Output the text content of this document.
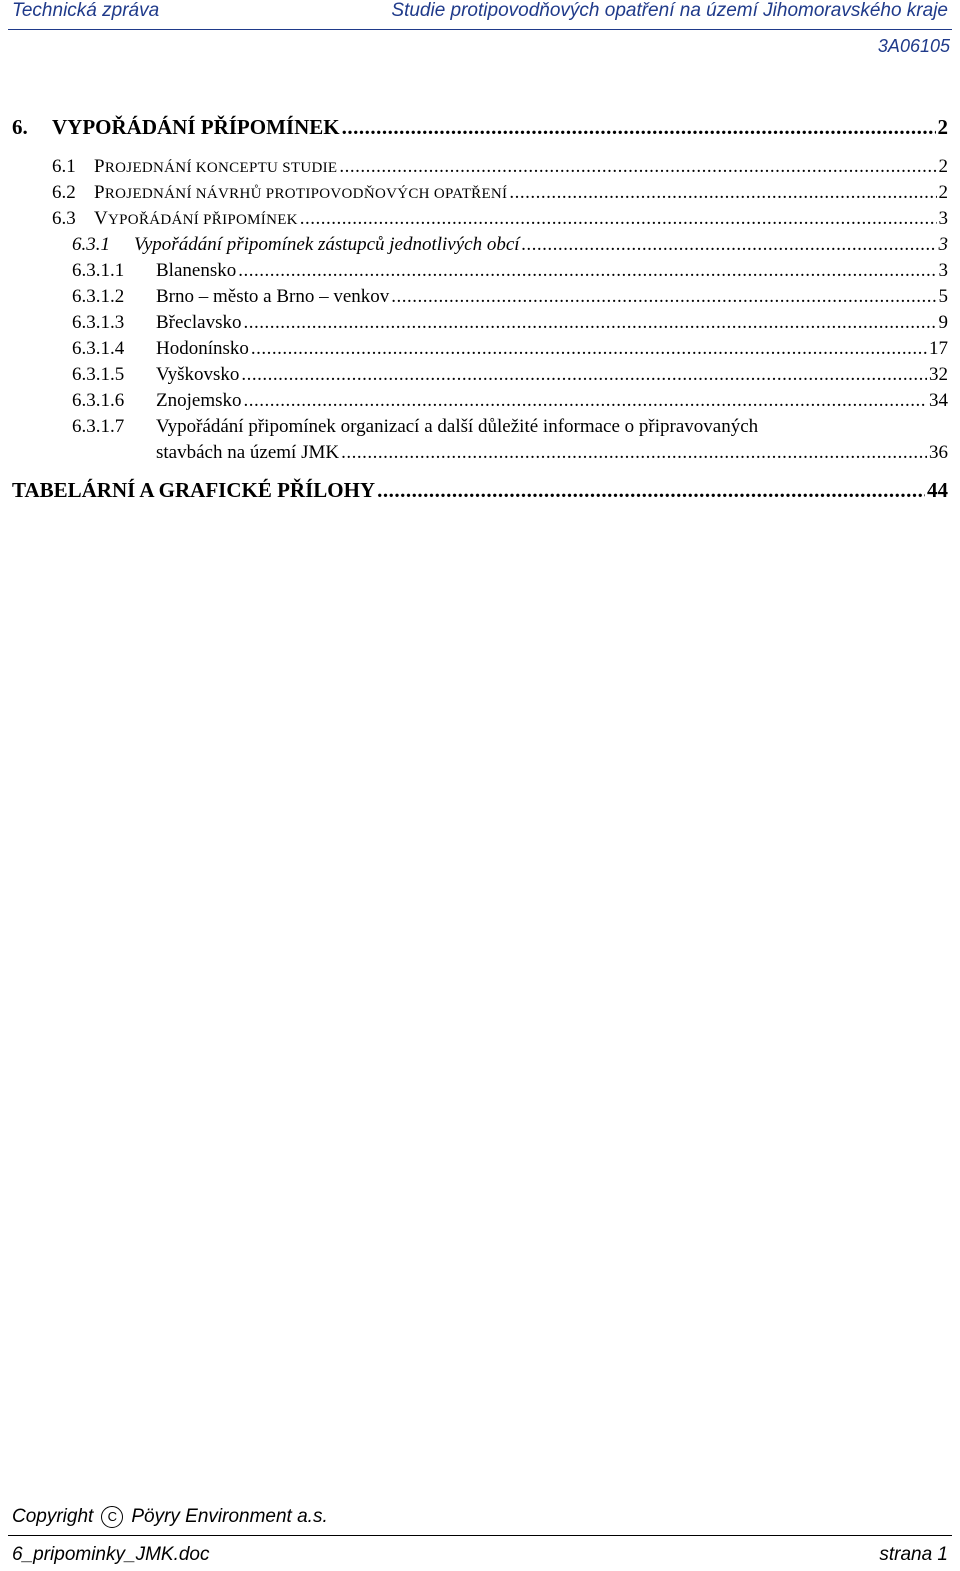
Technická zpráva	Studie protipovodňových opatření na území Jihomoravského kraje
3A06105
6.	VYPOŘÁDÁNÍ PŘÍPOMÍNEK .....	2
6.1 PROJEDNÁNÍ KONCEPTU STUDIE .....	2
6.2 PROJEDNÁNÍ NÁVRHŮ PROTIPOVODŇOVÝCH OPATŘENÍ .....	2
6.3 VYPOŘÁDÁNÍ PŘIPOMÍNEK .....	3
6.3.1	Vypořádání připomínek zástupců jednotlivých obcí .....	3
6.3.1.1	Blanensko .....	3
6.3.1.2	Brno – město a Brno – venkov .....	5
6.3.1.3	Břeclavsko .....	9
6.3.1.4	Hodonínsko .....	17
6.3.1.5	Vyškovsko .....	32
6.3.1.6	Znojemsko .....	34
6.3.1.7	Vypořádání připomínek organizací a další důležité informace o připravovaných
stavbách na území JMK .....	36
TABELÁRNÍ A GRAFICKÉ PŘÍLOHY .....	44
Copyright	C Pöyry Environment a.s.
6_pripominky_JMK.doc	strana 1
